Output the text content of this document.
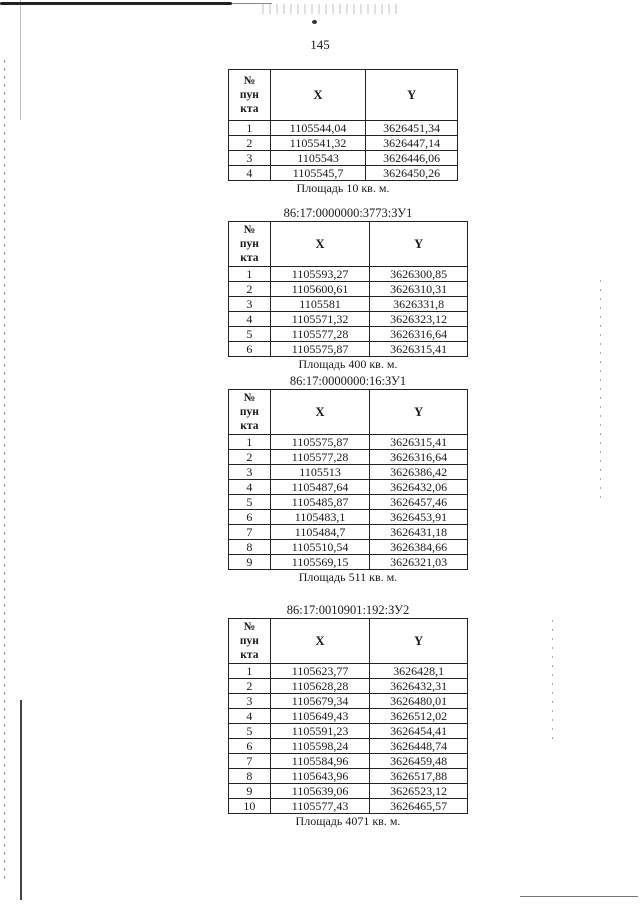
145
№
пун
кта	X	Y
1	1105544,04	3626451,34
2	1105541,32	3626447,14
3	1105543	3626446,06
4	1105545,7	3626450,26
Площадь 10 кв. м.
86:17:0000000:3773:ЗУ1
№
пун
кта	X	Y
1	1105593,27	3626300,85
2	1105600,61	3626310,31
3	1105581	3626331,8
4	1105571,32	3626323,12
5	1105577,28	3626316,64
6	1105575,87	3626315,41
Площадь 400 кв. м.
86:17:0000000:16:ЗУ1
№
пун
кта	X	Y
1	1105575,87	3626315,41
2	1105577,28	3626316,64
3	1105513	3626386,42
4	1105487,64	3626432,06
5	1105485,87	3626457,46
6	1105483,1	3626453,91
7	1105484,7	3626431,18
8	1105510,54	3626384,66
9	1105569,15	3626321,03
Площадь 511 кв. м.
86:17:0010901:192:ЗУ2
№
пун
кта	X	Y
1	1105623,77	3626428,1
2	1105628,28	3626432,31
3	1105679,34	3626480,01
4	1105649,43	3626512,02
5	1105591,23	3626454,41
6	1105598,24	3626448,74
7	1105584,96	3626459,48
8	1105643,96	3626517,88
9	1105639,06	3626523,12
10	1105577,43	3626465,57
Площадь 4071 кв. м.
